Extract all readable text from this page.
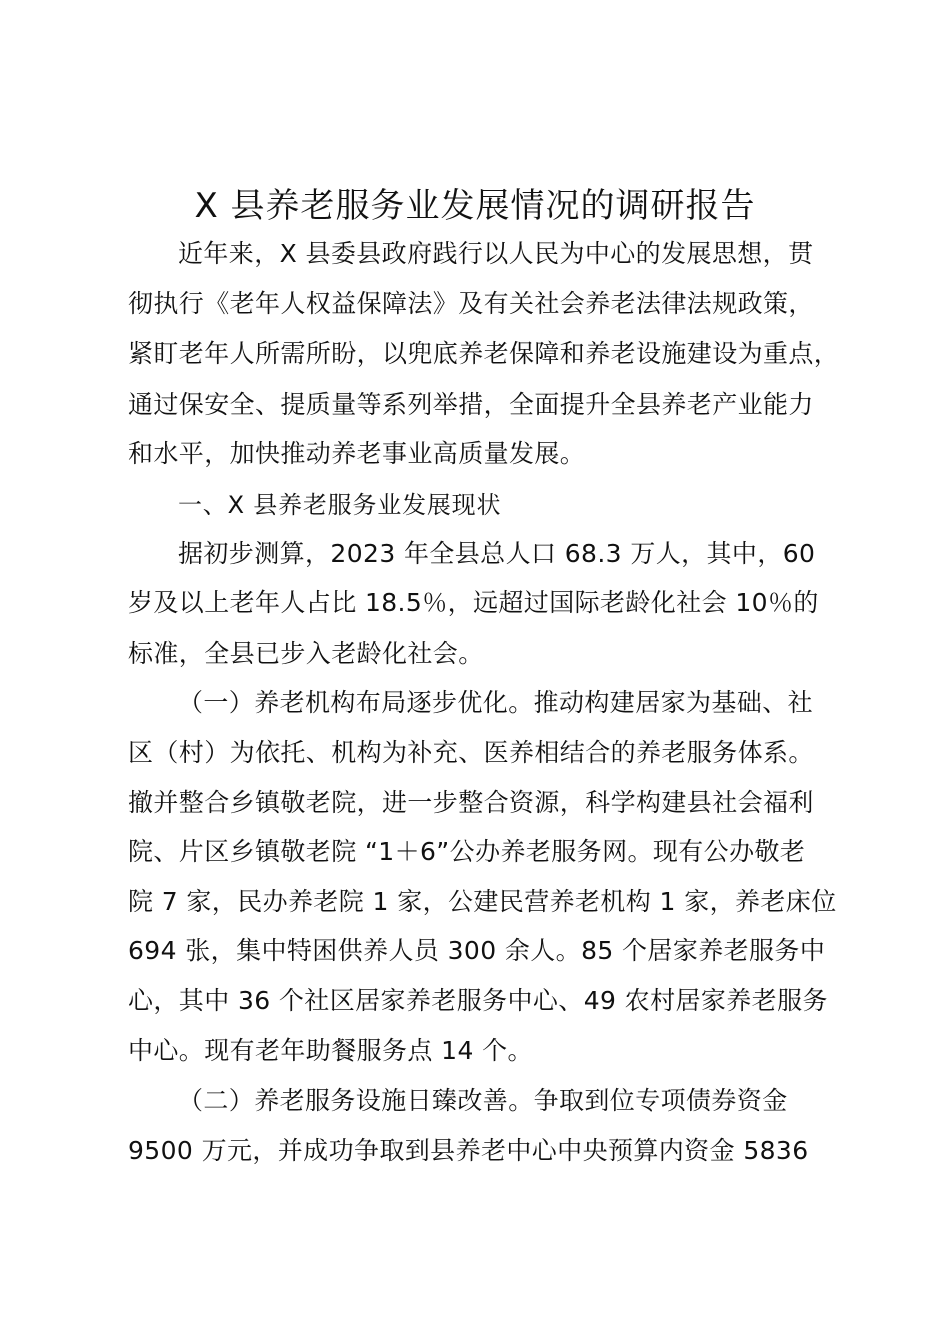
X 县养老服务业发展情况的调研报告
近年来，X 县委县政府践行以人民为中心的发展思想，贯
彻执行《老年人权益保障法》及有关社会养老法律法规政策，
紧盯老年人所需所盼，以兜底养老保障和养老设施建设为重点，
通过保安全、提质量等系列举措，全面提升全县养老产业能力
和水平，加快推动养老事业高质量发展。
一、X 县养老服务业发展现状
据初步测算，2023 年全县总人口 68.3 万人，其中，60
岁及以上老年人占比 18.5％，远超过国际老龄化社会 10％的
标准，全县已步入老龄化社会。
（一）养老机构布局逐步优化。推动构建居家为基础、社
区（村）为依托、机构为补充、医养相结合的养老服务体系。
撤并整合乡镇敬老院，进一步整合资源，科学构建县社会福利
院、片区乡镇敬老院 “1＋6”公办养老服务网。现有公办敬老
院 7 家，民办养老院 1 家，公建民营养老机构 1 家，养老床位
694 张，集中特困供养人员 300 余人。85 个居家养老服务中
心，其中 36 个社区居家养老服务中心、49 农村居家养老服务
中心。现有老年助餐服务点 14 个。
（二）养老服务设施日臻改善。争取到位专项债券资金
9500 万元，并成功争取到县养老中心中央预算内资金 5836
